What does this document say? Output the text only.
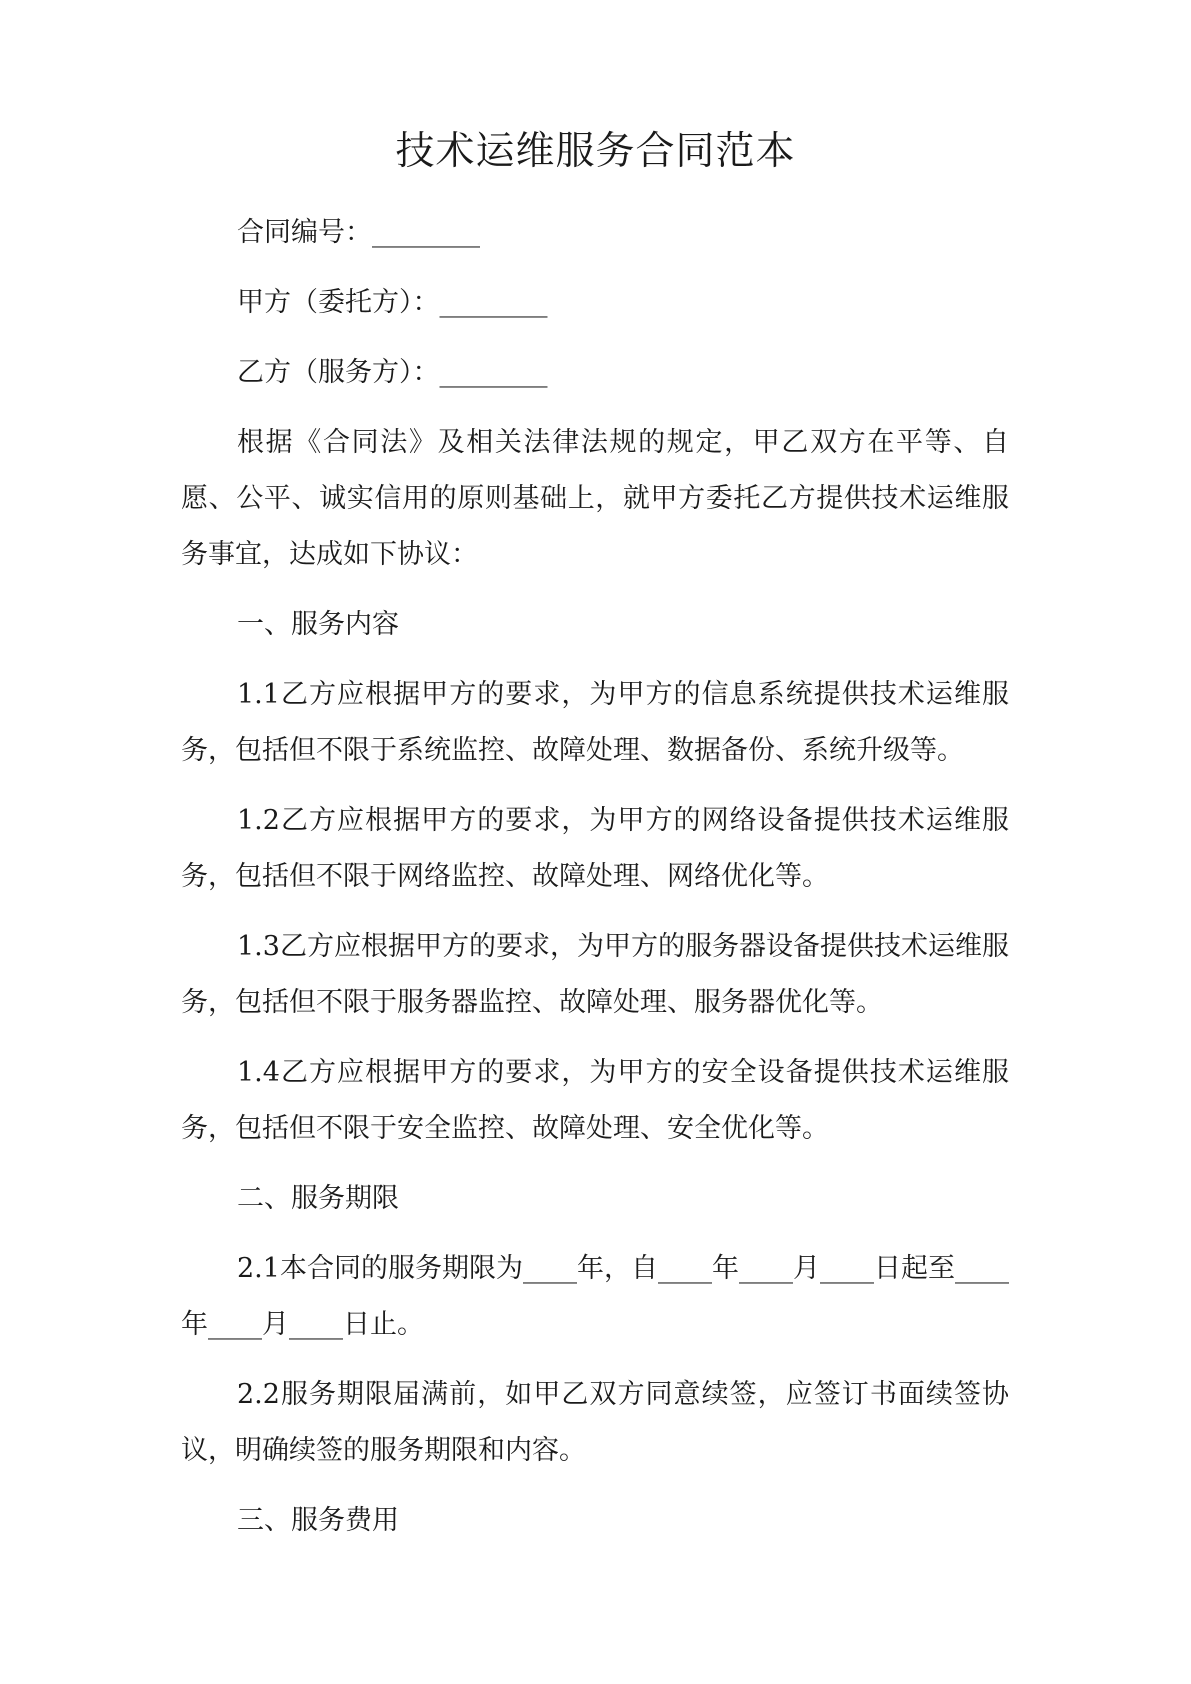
技术运维服务合同范本

合同编号：________

甲方（委托方）：________

乙方（服务方）：________

根据《合同法》及相关法律法规的规定，甲乙双方在平等、自愿、公平、诚实信用的原则基础上，就甲方委托乙方提供技术运维服务事宜，达成如下协议：

一、服务内容

1.1乙方应根据甲方的要求，为甲方的信息系统提供技术运维服务，包括但不限于系统监控、故障处理、数据备份、系统升级等。

1.2乙方应根据甲方的要求，为甲方的网络设备提供技术运维服务，包括但不限于网络监控、故障处理、网络优化等。

1.3乙方应根据甲方的要求，为甲方的服务器设备提供技术运维服务，包括但不限于服务器监控、故障处理、服务器优化等。

1.4乙方应根据甲方的要求，为甲方的安全设备提供技术运维服务，包括但不限于安全监控、故障处理、安全优化等。

二、服务期限

2.1本合同的服务期限为____年，自____年____月____日起至____年____月____日止。

2.2服务期限届满前，如甲乙双方同意续签，应签订书面续签协议，明确续签的服务期限和内容。

三、服务费用
